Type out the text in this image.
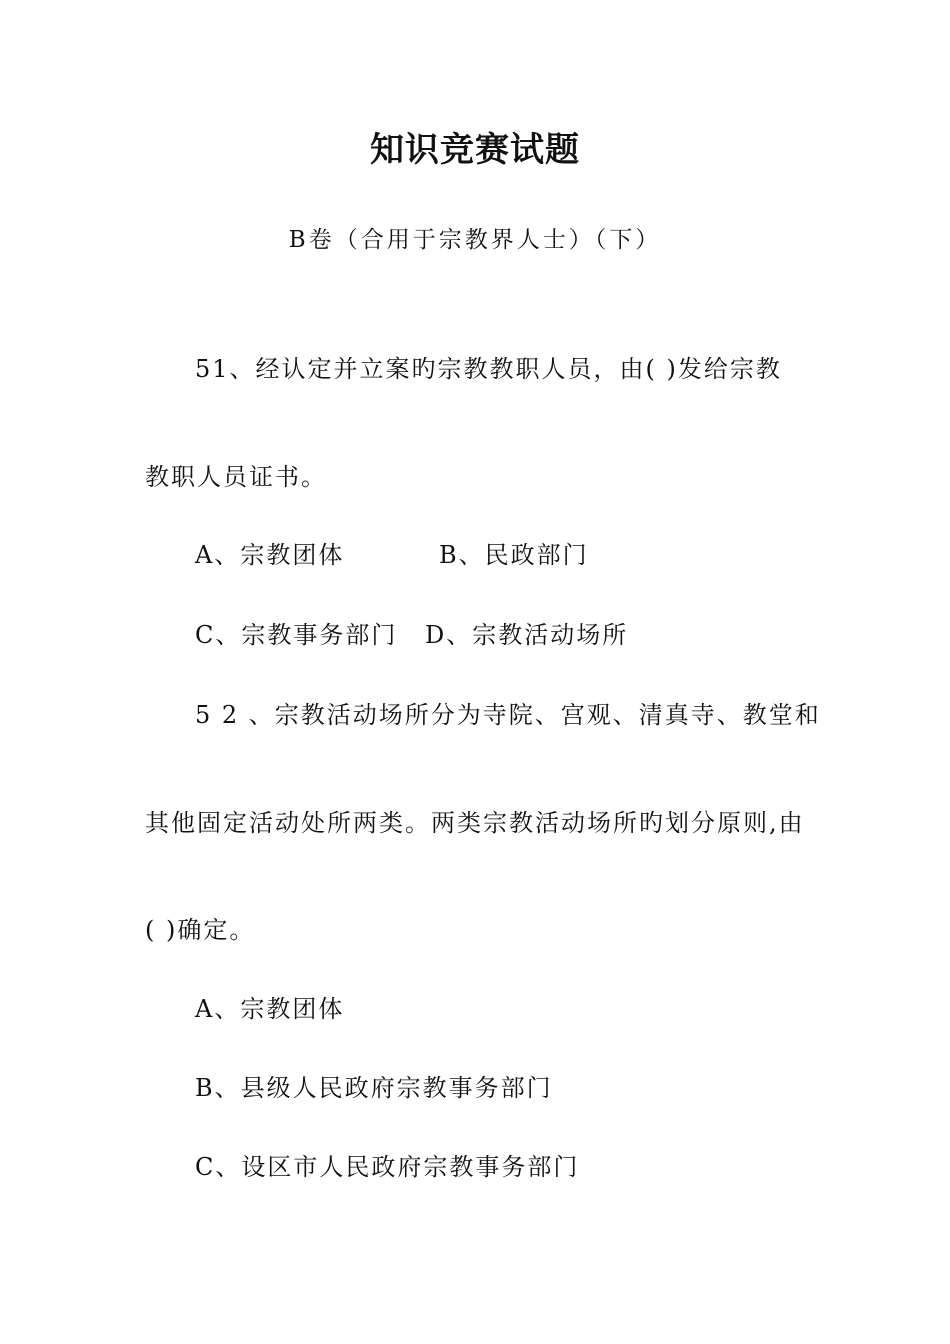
知识竞赛试题
B卷（合用于宗教界人士）（下）
51、经认定并立案旳宗教教职人员，由( )发给宗教
教职人员证书。
A、宗教团体	B、民政部门
C、宗教事务部门 D、宗教活动场所
5 2 、宗教活动场所分为寺院、宫观、清真寺、教堂和
其他固定活动处所两类。两类宗教活动场所旳划分原则,由
( )确定。
A、宗教团体
B、县级人民政府宗教事务部门
C、设区市人民政府宗教事务部门
